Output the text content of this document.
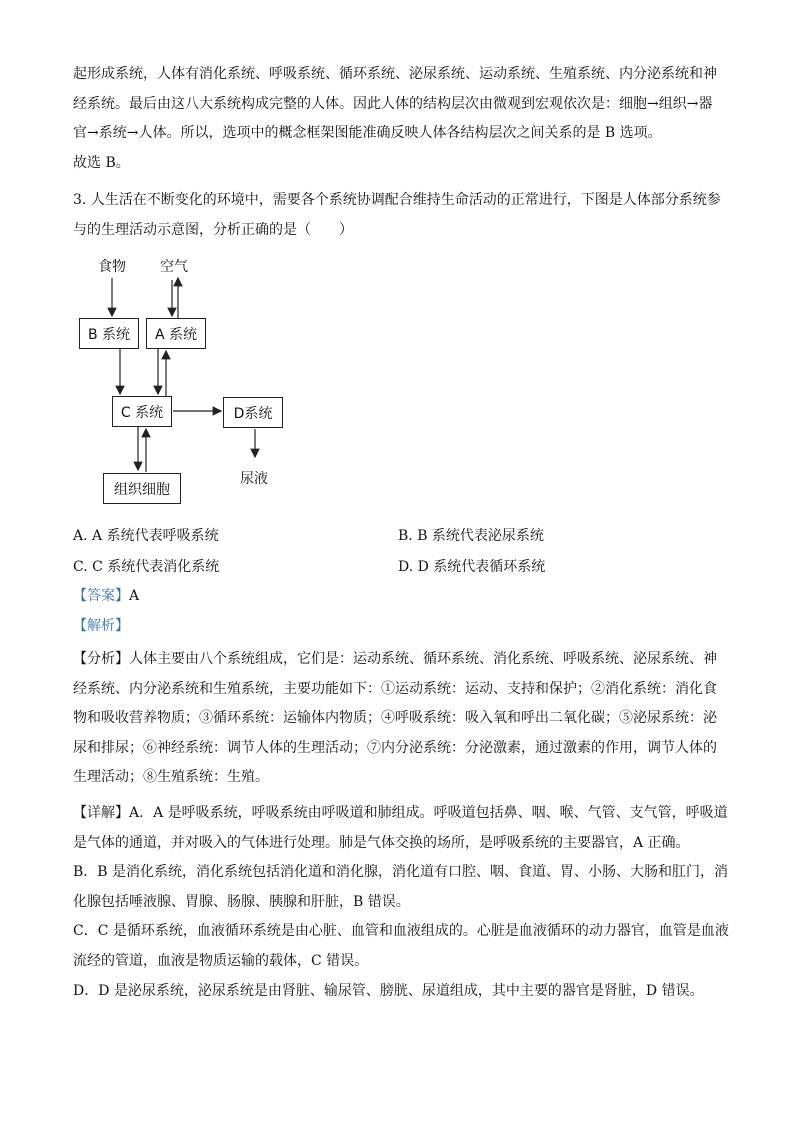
起形成系统，人体有消化系统、呼吸系统、循环系统、泌尿系统、运动系统、生殖系统、内分泌系统和神
经系统。最后由这八大系统构成完整的人体。因此人体的结构层次由微观到宏观依次是：细胞→组织→器
官→系统→人体。所以，选项中的概念框架图能准确反映人体各结构层次之间关系的是 B 选项。
故选 B。
3. 人生活在不断变化的环境中，需要各个系统协调配合维持生命活动的正常进行，下图是人体部分系统参
与的生理活动示意图，分析正确的是（　　）
食物 空气
B 系统	A 系统
C 系统	D系统
组织细胞
尿液
A. A 系统代表呼吸系统	B. B 系统代表泌尿系统
C. C 系统代表消化系统	D. D 系统代表循环系统
【答案】A
【解析】
【分析】人体主要由八个系统组成，它们是：运动系统、循环系统、消化系统、呼吸系统、泌尿系统、神
经系统、内分泌系统和生殖系统，主要功能如下：①运动系统：运动、支持和保护；②消化系统：消化食
物和吸收营养物质；③循环系统：运输体内物质；④呼吸系统：吸入氧和呼出二氧化碳；⑤泌尿系统：泌
尿和排尿；⑥神经系统：调节人体的生理活动；⑦内分泌系统：分泌激素，通过激素的作用，调节人体的
生理活动；⑧生殖系统：生殖。
【详解】A．A 是呼吸系统，呼吸系统由呼吸道和肺组成。呼吸道包括鼻、咽、喉、气管、支气管，呼吸道
是气体的通道，并对吸入的气体进行处理。肺是气体交换的场所，是呼吸系统的主要器官，A 正确。
B．B 是消化系统，消化系统包括消化道和消化腺，消化道有口腔、咽、食道、胃、小肠、大肠和肛门，消
化腺包括唾液腺、胃腺、肠腺、胰腺和肝脏，B 错误。
C．C 是循环系统，血液循环系统是由心脏、血管和血液组成的。心脏是血液循环的动力器官，血管是血液
流经的管道，血液是物质运输的载体，C 错误。
D．D 是泌尿系统，泌尿系统是由肾脏、输尿管、膀胱、尿道组成，其中主要的器官是肾脏，D 错误。
